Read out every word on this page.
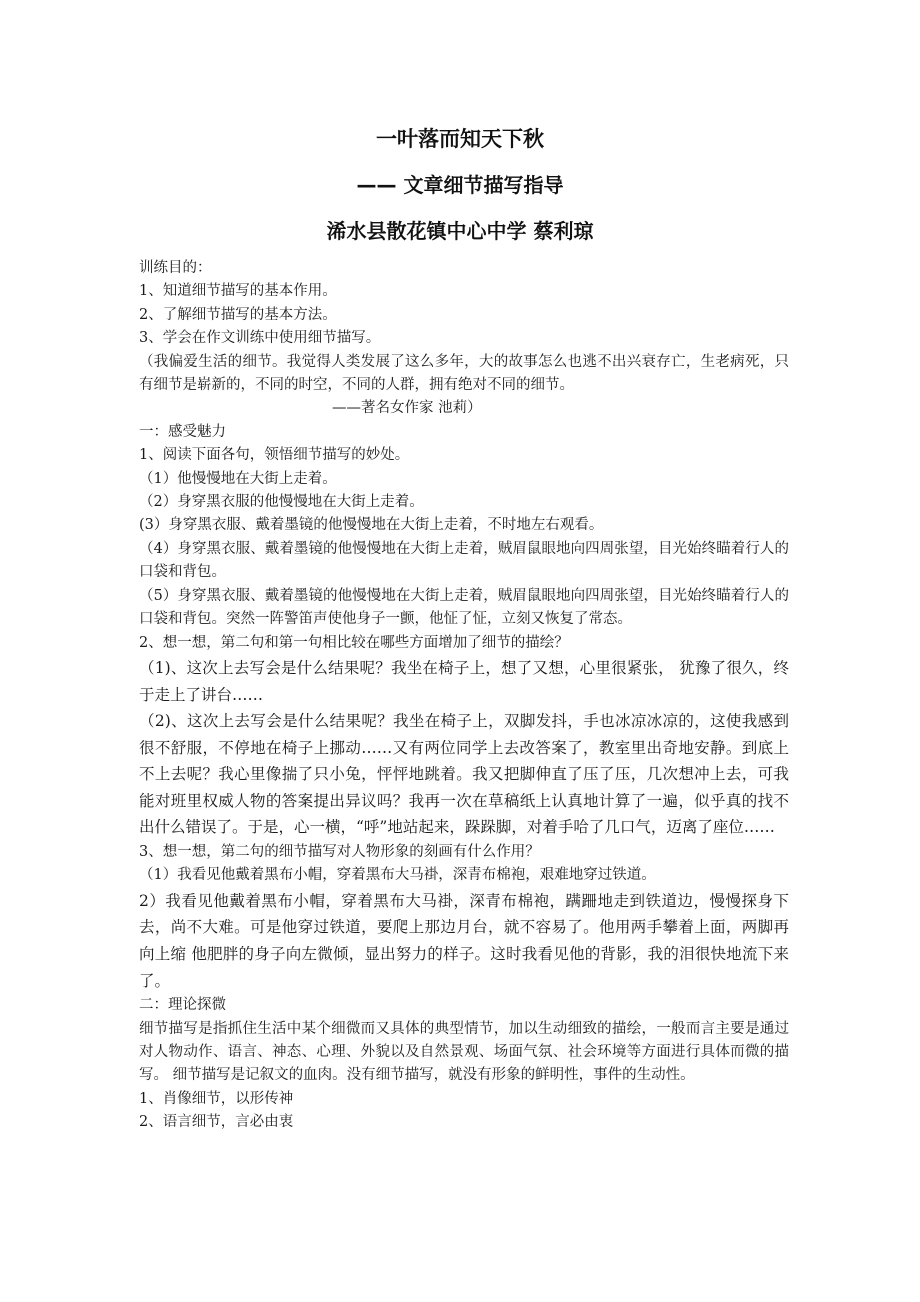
一叶落而知天下秋
—— 文章细节描写指导
浠水县散花镇中心中学 蔡利琼

训练目的：

1、知道细节描写的基本作用。

2、了解细节描写的基本方法。

3、学会在作文训练中使用细节描写。

（我偏爱生活的细节。我觉得人类发展了这么多年，大的故事怎么也逃不出兴衰存亡，生老病死，只有细节是崭新的，不同的时空，不同的人群，拥有绝对不同的细节。

——著名女作家 池莉）

一：感受魅力

1、阅读下面各句，领悟细节描写的妙处。

（1）他慢慢地在大街上走着。

（2）身穿黑衣服的他慢慢地在大街上走着。

(3）身穿黑衣服、戴着墨镜的他慢慢地在大街上走着，不时地左右观看。

（4）身穿黑衣服、戴着墨镜的他慢慢地在大街上走着，贼眉鼠眼地向四周张望，目光始终瞄着行人的口袋和背包。

（5）身穿黑衣服、戴着墨镜的他慢慢地在大街上走着，贼眉鼠眼地向四周张望，目光始终瞄着行人的口袋和背包。突然一阵警笛声使他身子一颤，他怔了怔，立刻又恢复了常态。

2、想一想，第二句和第一句相比较在哪些方面增加了细节的描绘？

（1)、这次上去写会是什么结果呢？我坐在椅子上，想了又想，心里很紧张， 犹豫了很久，终于走上了讲台……

（2)、这次上去写会是什么结果呢？我坐在椅子上，双脚发抖，手也冰凉冰凉的，这使我感到很不舒服，不停地在椅子上挪动……又有两位同学上去改答案了，教室里出奇地安静。到底上不上去呢？我心里像揣了只小兔，怦怦地跳着。我又把脚伸直了压了压，几次想冲上去，可我能对班里权威人物的答案提出异议吗？我再一次在草稿纸上认真地计算了一遍，似乎真的找不出什么错误了。于是，心一横，“呼”地站起来，跺跺脚，对着手哈了几口气，迈离了座位……

3、想一想，第二句的细节描写对人物形象的刻画有什么作用？

（1）我看见他戴着黑布小帽，穿着黑布大马褂，深青布棉袍，艰难地穿过铁道。

2）我看见他戴着黑布小帽，穿着黑布大马褂，深青布棉袍，蹒跚地走到铁道边，慢慢探身下去，尚不大难。可是他穿过铁道，要爬上那边月台，就不容易了。他用两手攀着上面，两脚再向上缩 他肥胖的身子向左微倾，显出努力的样子。这时我看见他的背影，我的泪很快地流下来了。

二：理论探微

细节描写是指抓住生活中某个细微而又具体的典型情节，加以生动细致的描绘，一般而言主要是通过对人物动作、语言、神态、心理、外貌以及自然景观、场面气氛、社会环境等方面进行具体而微的描写。 细节描写是记叙文的血肉。没有细节描写，就没有形象的鲜明性，事件的生动性。

1、肖像细节，以形传神

2、语言细节，言必由衷
